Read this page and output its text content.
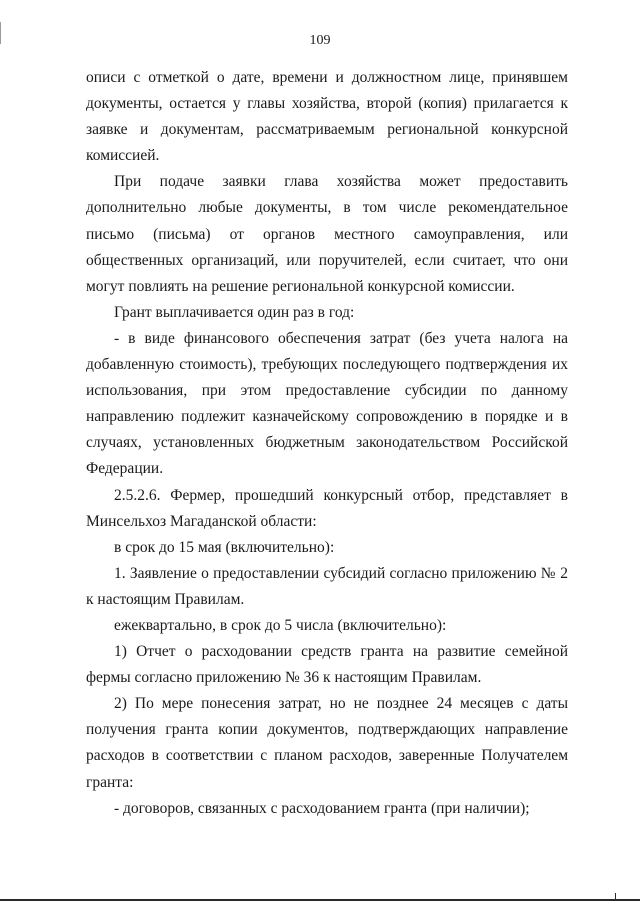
109

описи с отметкой о дате, времени и должностном лице, принявшем документы, остается у главы хозяйства, второй (копия) прилагается к заявке и документам, рассматриваемым региональной конкурсной комиссией.

При подаче заявки глава хозяйства может предоставить дополнительно любые документы, в том числе рекомендательное письмо (письма) от органов местного самоуправления, или общественных организаций, или поручителей, если считает, что они могут повлиять на решение региональной конкурсной комиссии.

Грант выплачивается один раз в год:

- в виде финансового обеспечения затрат (без учета налога на добавленную стоимость), требующих последующего подтверждения их использования, при этом предоставление субсидии по данному направлению подлежит казначейскому сопровождению в порядке и в случаях, установленных бюджетным законодательством Российской Федерации.

2.5.2.6. Фермер, прошедший конкурсный отбор, представляет в Минсельхоз Магаданской области:

в срок до 15 мая (включительно):

1. Заявление о предоставлении субсидий согласно приложению № 2 к настоящим Правилам.

ежеквартально, в срок до 5 числа (включительно):

1) Отчет о расходовании средств гранта на развитие семейной фермы согласно приложению № 36 к настоящим Правилам.

2) По мере понесения затрат, но не позднее 24 месяцев с даты получения гранта копии документов, подтверждающих направление расходов в соответствии с планом расходов, заверенные Получателем гранта:

- договоров, связанных с расходованием гранта (при наличии);
